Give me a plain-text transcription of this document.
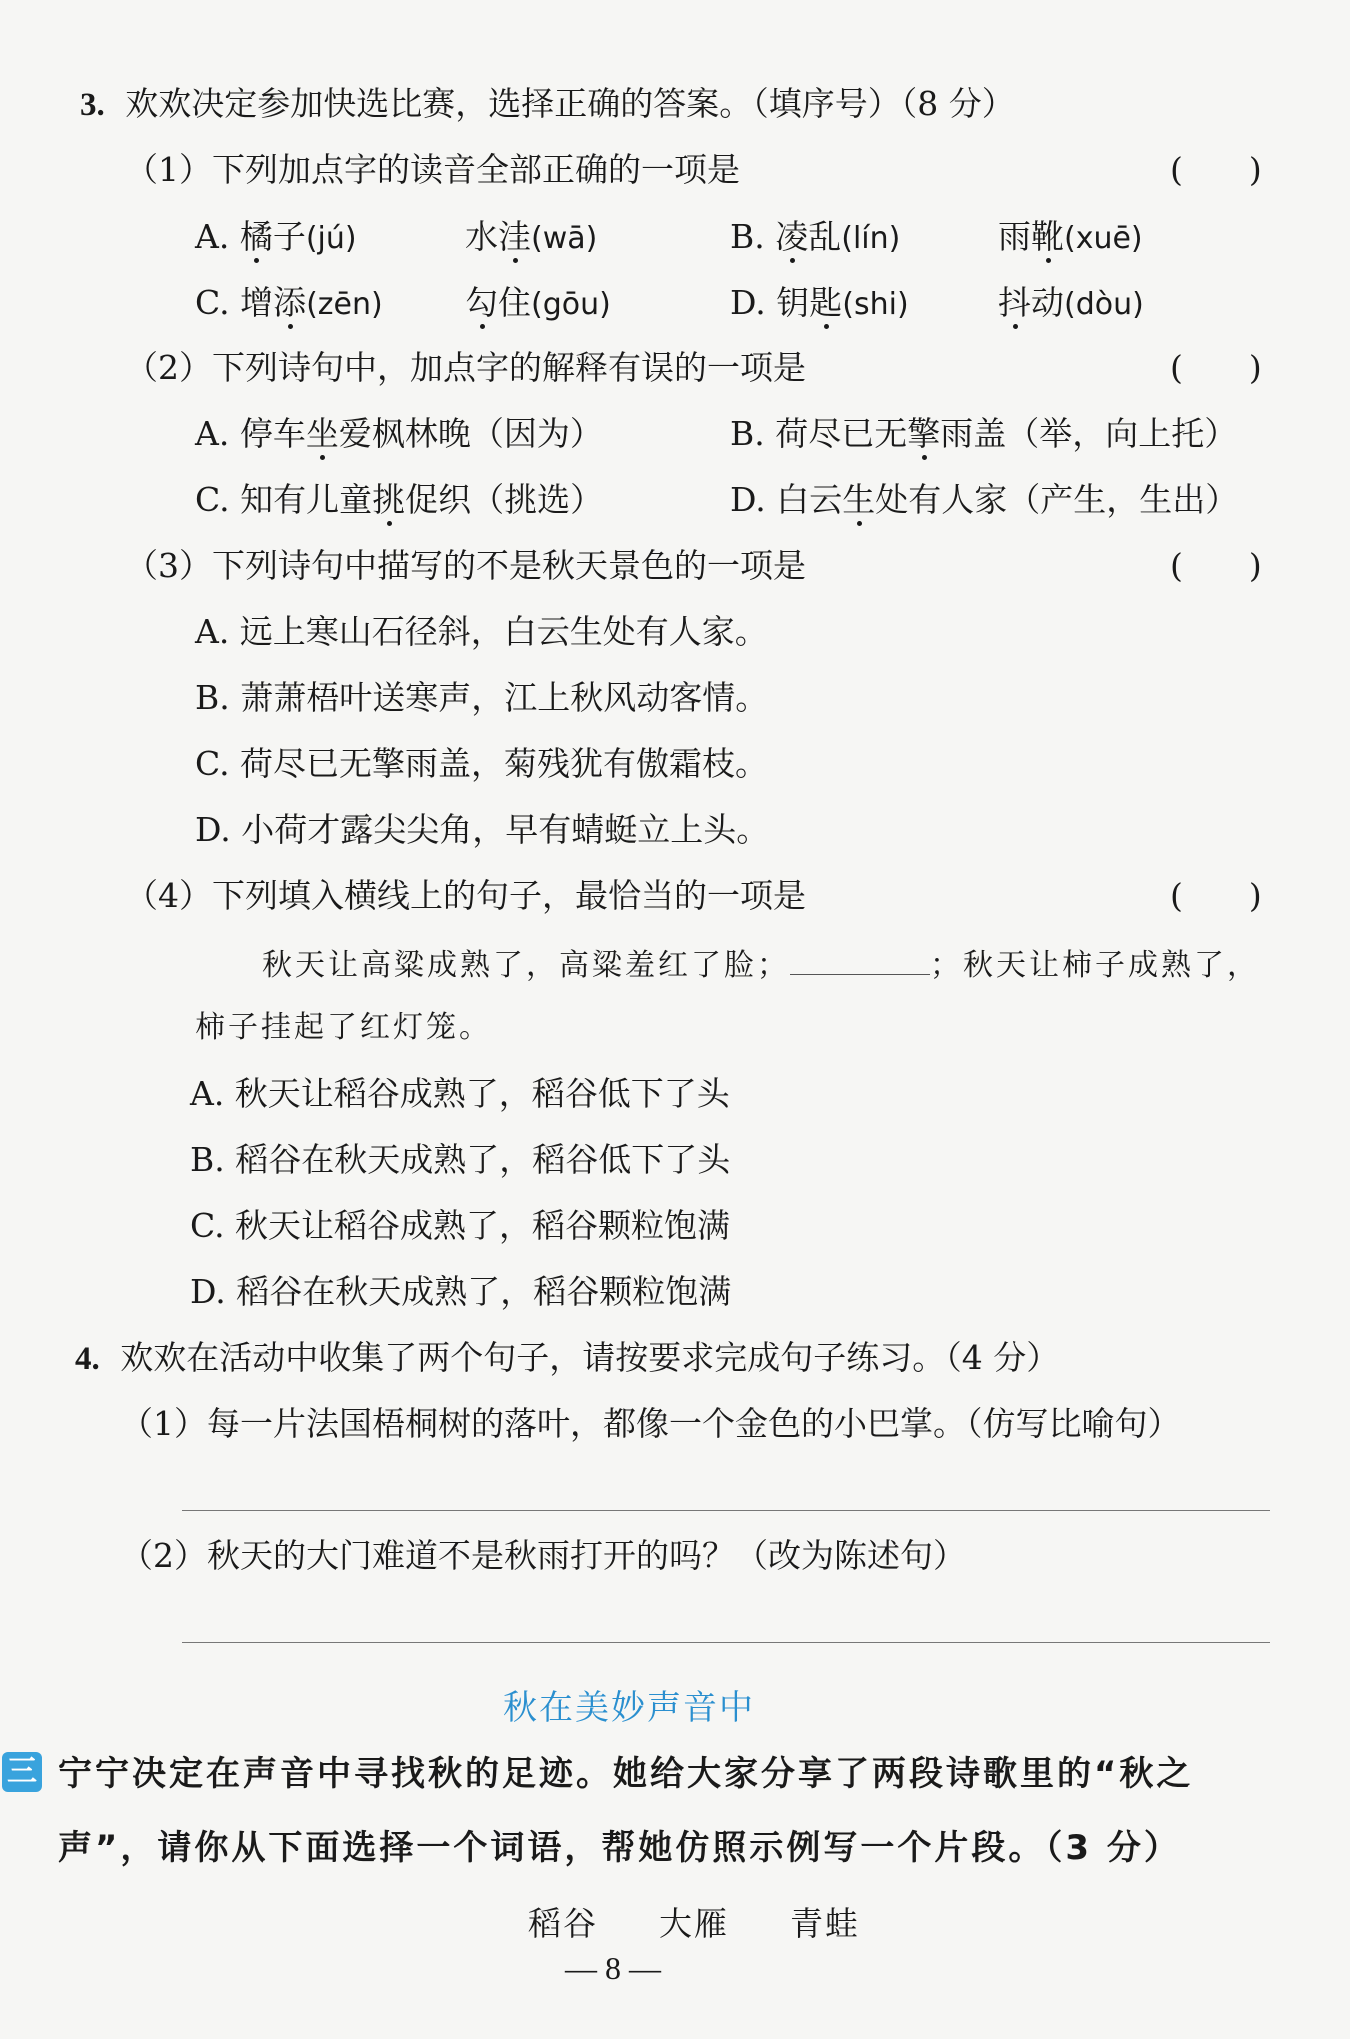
3. 欢欢决定参加快选比赛，选择正确的答案。（填序号）（8 分）
（1）下列加点字的读音全部正确的一项是	(　　)
A. 橘子(jú)	水洼(wā)	B. 凌乱(lín)	雨靴(xuē)
C. 增添(zēn) 勾住(gōu)	D. 钥匙(shi)	抖动(dòu)
（2）下列诗句中，加点字的解释有误的一项是	(　　)
A. 停车坐爱枫林晚（因为）	B. 荷尽已无擎雨盖（举，向上托）
C. 知有儿童挑促织（挑选）	D. 白云生处有人家（产生，生出）
（3）下列诗句中描写的不是秋天景色的一项是	(　　)
A. 远上寒山石径斜，白云生处有人家。
B. 萧萧梧叶送寒声，江上秋风动客情。
C. 荷尽已无擎雨盖，菊残犹有傲霜枝。
D. 小荷才露尖尖角，早有蜻蜓立上头。
（4）下列填入横线上的句子，最恰当的一项是	(　　)
秋天让高粱成熟了，高粱羞红了脸；	；秋天让柿子成熟了，
柿子挂起了红灯笼。
A. 秋天让稻谷成熟了，稻谷低下了头
B. 稻谷在秋天成熟了，稻谷低下了头
C. 秋天让稻谷成熟了，稻谷颗粒饱满
D. 稻谷在秋天成熟了，稻谷颗粒饱满
4. 欢欢在活动中收集了两个句子，请按要求完成句子练习。（4 分）
（1）每一片法国梧桐树的落叶，都像一个金色的小巴掌。（仿写比喻句）
（2）秋天的大门难道不是秋雨打开的吗？（改为陈述句）
秋在美妙声音中
三 宁宁决定在声音中寻找秋的足迹。她给大家分享了两段诗歌里的“秋之
声”，请你从下面选择一个词语，帮她仿照示例写一个片段。（3 分）
稻谷 大雁 青蛙
— 8 —
